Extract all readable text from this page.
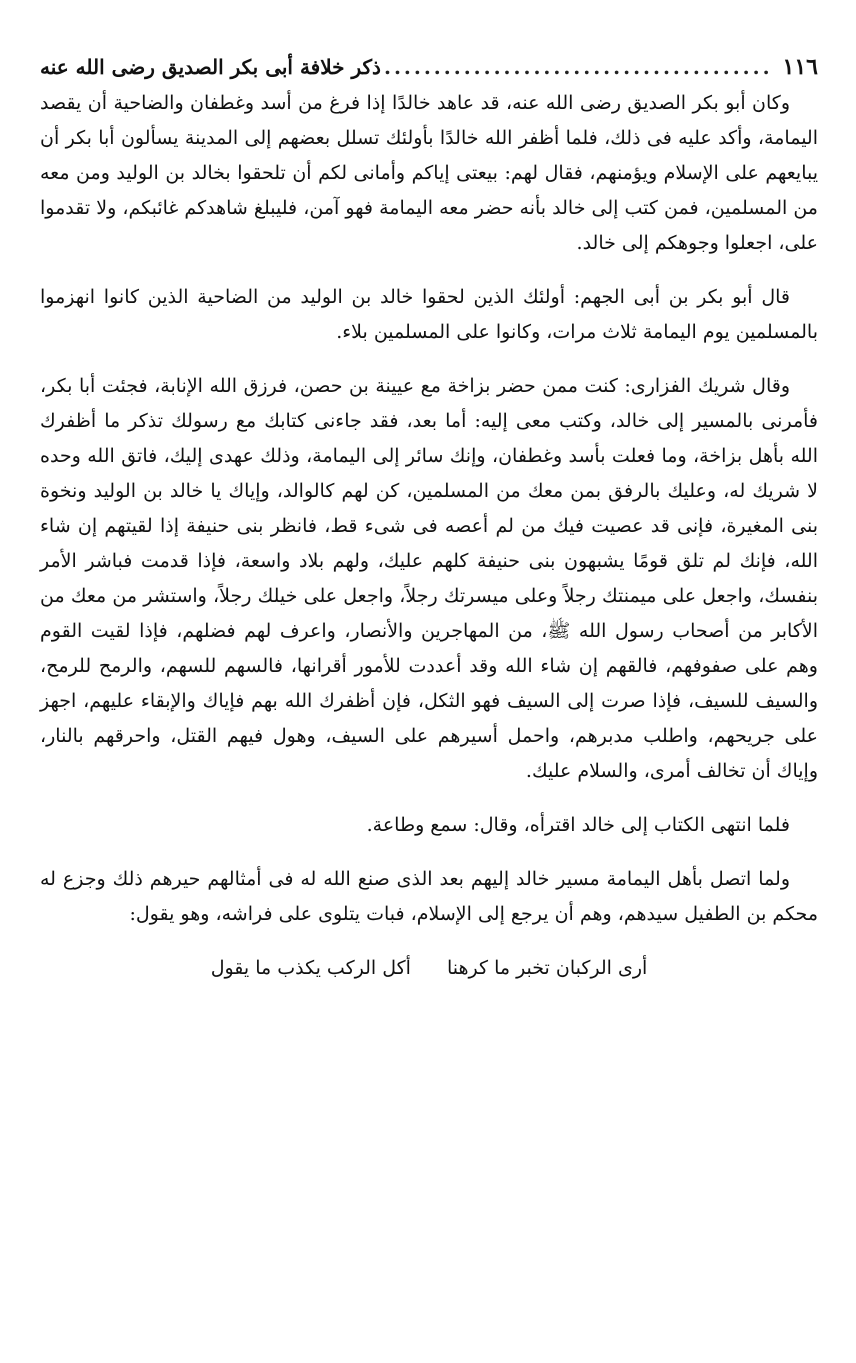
١١٦
.....
ذكر خلافة أبى بكر الصديق رضى الله عنه

وكان أبو بكر الصديق رضى الله عنه، قد عاهد خالدًا إذا فرغ من أسد وغطفان والضاحية أن يقصد اليمامة، وأكد عليه فى ذلك، فلما أظفر الله خالدًا بأولئك تسلل بعضهم إلى المدينة يسألون أبا بكر أن يبايعهم على الإسلام ويؤمنهم، فقال لهم: بيعتى إياكم وأمانى لكم أن تلحقوا بخالد بن الوليد ومن معه من المسلمين، فمن كتب إلى خالد بأنه حضر معه اليمامة فهو آمن، فليبلغ شاهدكم غائبكم، ولا تقدموا على، اجعلوا وجوهكم إلى خالد.

قال أبو بكر بن أبى الجهم: أولئك الذين لحقوا خالد بن الوليد من الضاحية الذين كانوا انهزموا بالمسلمين يوم اليمامة ثلاث مرات، وكانوا على المسلمين بلاء.

وقال شريك الفزارى: كنت ممن حضر بزاخة مع عيينة بن حصن، فرزق الله الإنابة، فجئت أبا بكر، فأمرنى بالمسير إلى خالد، وكتب معى إليه: أما بعد، فقد جاءنى كتابك مع رسولك تذكر ما أظفرك الله بأهل بزاخة، وما فعلت بأسد وغطفان، وإنك سائر إلى اليمامة، وذلك عهدى إليك، فاتق الله وحده لا شريك له، وعليك بالرفق بمن معك من المسلمين، كن لهم كالوالد، وإياك يا خالد بن الوليد ونخوة بنى المغيرة، فإنى قد عصيت فيك من لم أعصه فى شىء قط، فانظر بنى حنيفة إذا لقيتهم إن شاء الله، فإنك لم تلق قومًا يشبهون بنى حنيفة كلهم عليك، ولهم بلاد واسعة، فإذا قدمت فباشر الأمر بنفسك، واجعل على ميمنتك رجلاً وعلى ميسرتك رجلاً، واجعل على خيلك رجلاً، واستشر من معك من الأكابر من أصحاب رسول الله ﷺ، من المهاجرين والأنصار، واعرف لهم فضلهم، فإذا لقيت القوم وهم على صفوفهم، فالقهم إن شاء الله وقد أعددت للأمور أقرانها، فالسهم للسهم، والرمح للرمح، والسيف للسيف، فإذا صرت إلى السيف فهو الثكل، فإن أظفرك الله بهم فإياك والإبقاء عليهم، اجهز على جريحهم، واطلب مدبرهم، واحمل أسيرهم على السيف، وهول فيهم القتل، واحرقهم بالنار، وإياك أن تخالف أمرى، والسلام عليك.

فلما انتهى الكتاب إلى خالد اقترأه، وقال: سمع وطاعة.

ولما اتصل بأهل اليمامة مسير خالد إليهم بعد الذى صنع الله له فى أمثالهم حيرهم ذلك وجزع له محكم بن الطفيل سيدهم، وهم أن يرجع إلى الإسلام، فبات يتلوى على فراشه، وهو يقول:

أرى الركبان تخبر ما كرهنا
أكل الركب يكذب ما يقول
